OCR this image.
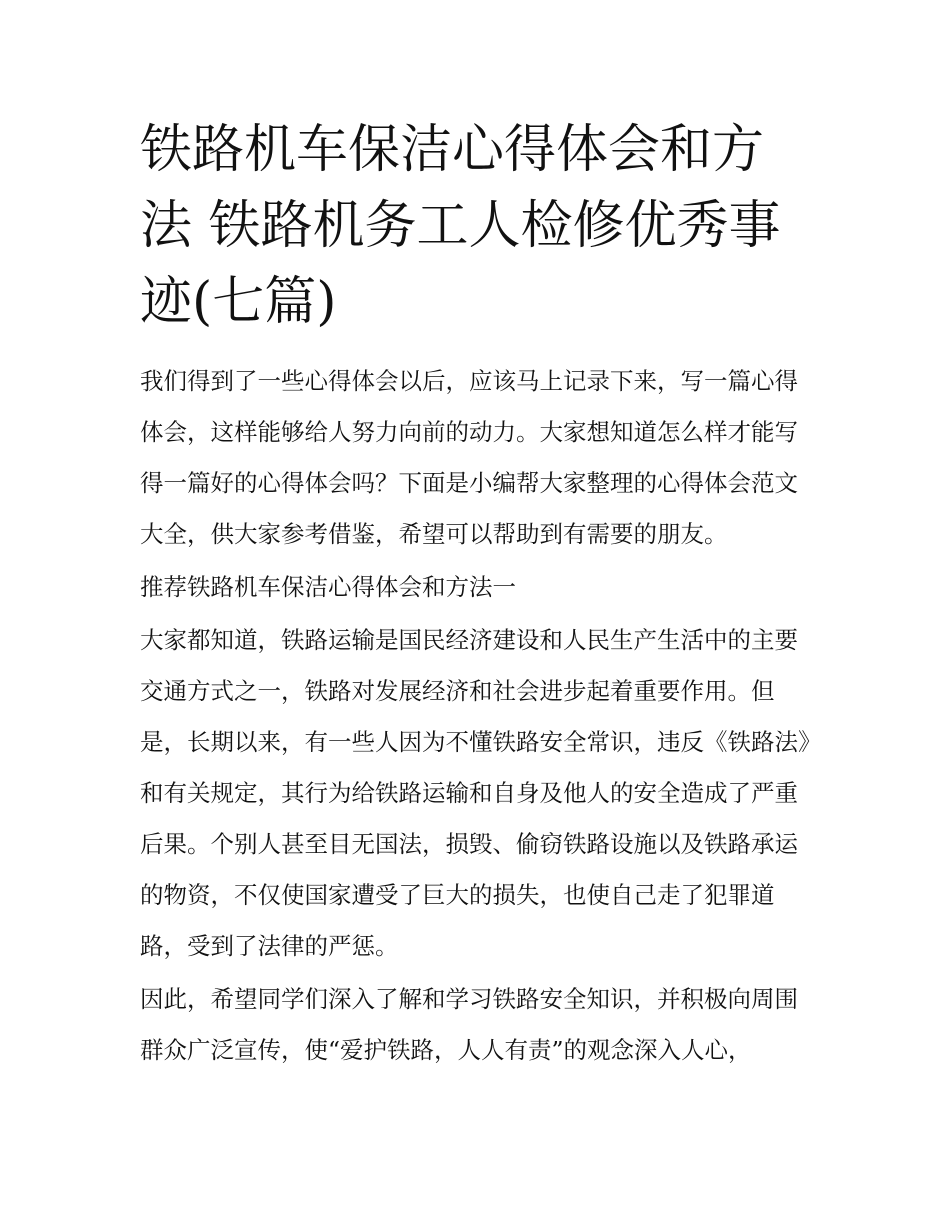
铁路机车保洁心得体会和方法 铁路机务工人检修优秀事迹(七篇)

我们得到了一些心得体会以后，应该马上记录下来，写一篇心得体会，这样能够给人努力向前的动力。大家想知道怎么样才能写得一篇好的心得体会吗？下面是小编帮大家整理的心得体会范文大全，供大家参考借鉴，希望可以帮助到有需要的朋友。

推荐铁路机车保洁心得体会和方法一

大家都知道，铁路运输是国民经济建设和人民生产生活中的主要交通方式之一，铁路对发展经济和社会进步起着重要作用。但是，长期以来，有一些人因为不懂铁路安全常识，违反《铁路法》和有关规定，其行为给铁路运输和自身及他人的安全造成了严重后果。个别人甚至目无国法，损毁、偷窃铁路设施以及铁路承运的物资，不仅使国家遭受了巨大的损失，也使自己走了犯罪道路，受到了法律的严惩。

因此，希望同学们深入了解和学习铁路安全知识，并积极向周围群众广泛宣传，使“爱护铁路，人人有责”的观念深入人心，
